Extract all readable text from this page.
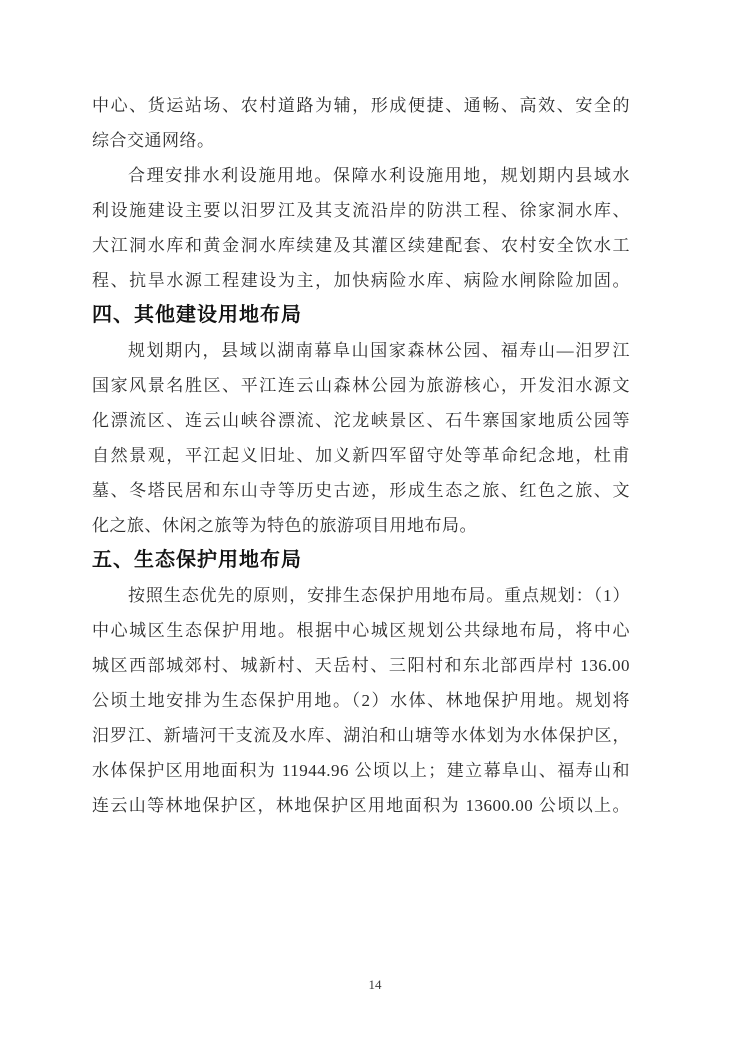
中心、货运站场、农村道路为辅，形成便捷、通畅、高效、安全的
综合交通网络。
合理安排水利设施用地。保障水利设施用地，规划期内县域水
利设施建设主要以汨罗江及其支流沿岸的防洪工程、徐家洞水库、
大江洞水库和黄金洞水库续建及其灌区续建配套、农村安全饮水工
程、抗旱水源工程建设为主，加快病险水库、病险水闸除险加固。
四、其他建设用地布局
规划期内，县域以湖南幕阜山国家森林公园、福寿山—汨罗江
国家风景名胜区、平江连云山森林公园为旅游核心，开发汨水源文
化漂流区、连云山峡谷漂流、沱龙峡景区、石牛寨国家地质公园等
自然景观，平江起义旧址、加义新四军留守处等革命纪念地，杜甫
墓、冬塔民居和东山寺等历史古迹，形成生态之旅、红色之旅、文
化之旅、休闲之旅等为特色的旅游项目用地布局。
五、生态保护用地布局
按照生态优先的原则，安排生态保护用地布局。重点规划：（1）
中心城区生态保护用地。根据中心城区规划公共绿地布局，将中心
城区西部城郊村、城新村、天岳村、三阳村和东北部西岸村 136.00
公顷土地安排为生态保护用地。（2）水体、林地保护用地。规划将
汨罗江、新墙河干支流及水库、湖泊和山塘等水体划为水体保护区，
水体保护区用地面积为 11944.96 公顷以上；建立幕阜山、福寿山和
连云山等林地保护区，林地保护区用地面积为 13600.00 公顷以上。
14
